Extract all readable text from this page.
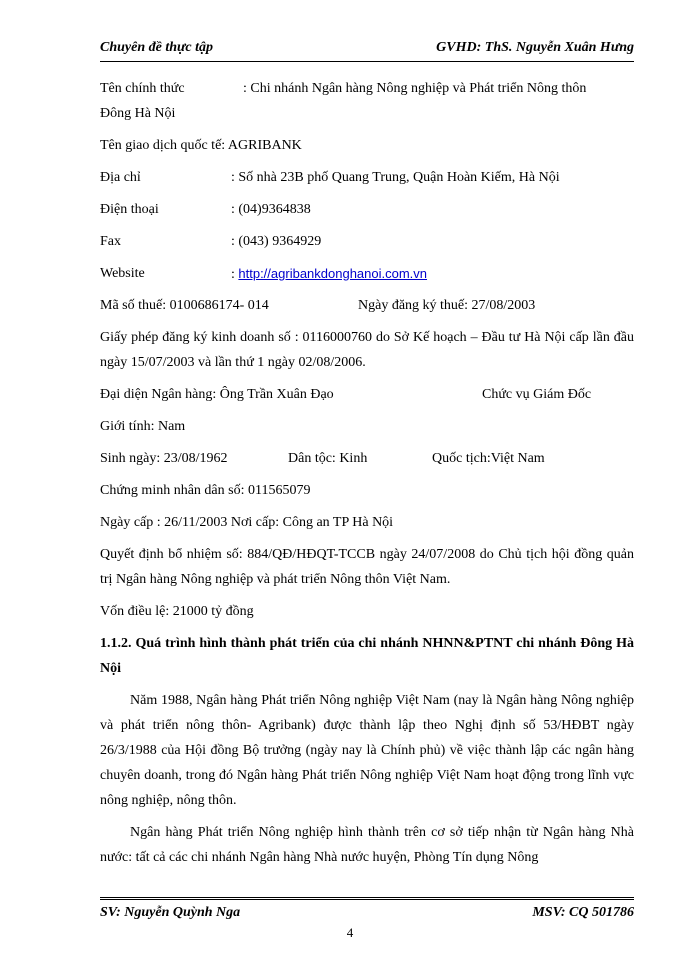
Chuyên đề thực tập	GVHD: ThS. Nguyễn Xuân Hưng
Tên chính thức	: Chi nhánh Ngân hàng Nông nghiệp và Phát triển Nông thôn
Đông Hà Nội

Tên giao dịch quốc tế: AGRIBANK

Địa chỉ	: Số nhà 23B phố Quang Trung, Quận Hoàn Kiếm, Hà Nội
Điện thoại	: (04)9364838
Fax	: (043) 9364929
Website	: http://agribankdonghanoi.com.vn
Mã số thuế: 0100686174- 014	Ngày đăng ký thuế: 27/08/2003

Giấy phép đăng ký kinh doanh số : 0116000760 do Sở Kế hoạch – Đầu tư Hà Nội cấp lần đầu ngày 15/07/2003 và lần thứ 1 ngày 02/08/2006.

Đại diện Ngân hàng: Ông Trần Xuân Đạo	Chức vụ Giám Đốc

Giới tính: Nam

Sinh ngày: 23/08/1962	Dân tộc: Kinh	Quốc tịch:Việt Nam

Chứng minh nhân dân số: 011565079

Ngày cấp : 26/11/2003 Nơi cấp: Công an TP Hà Nội

Quyết định bổ nhiệm số: 884/QĐ/HĐQT-TCCB ngày 24/07/2008 do Chủ tịch hội đồng quản trị Ngân hàng Nông nghiệp và phát triển Nông thôn Việt Nam.

Vốn điều lệ: 21000 tỷ đồng

1.1.2. Quá trình hình thành phát triển của chi nhánh NHNN&PTNT chi nhánh Đông Hà Nội

Năm 1988, Ngân hàng Phát triển Nông nghiệp Việt Nam (nay là Ngân hàng Nông nghiệp và phát triển nông thôn- Agribank) được thành lập theo Nghị định số 53/HĐBT ngày 26/3/1988 của Hội đồng Bộ trưởng (ngày nay là Chính phủ) về việc thành lập các ngân hàng chuyên doanh, trong đó Ngân hàng Phát triển Nông nghiệp Việt Nam hoạt động trong lĩnh vực nông nghiệp, nông thôn.

Ngân hàng Phát triển Nông nghiệp hình thành trên cơ sở tiếp nhận từ Ngân hàng Nhà nước: tất cả các chi nhánh Ngân hàng Nhà nước huyện, Phòng Tín dụng Nông

SV: Nguyễn Quỳnh Nga	MSV: CQ 501786
4
